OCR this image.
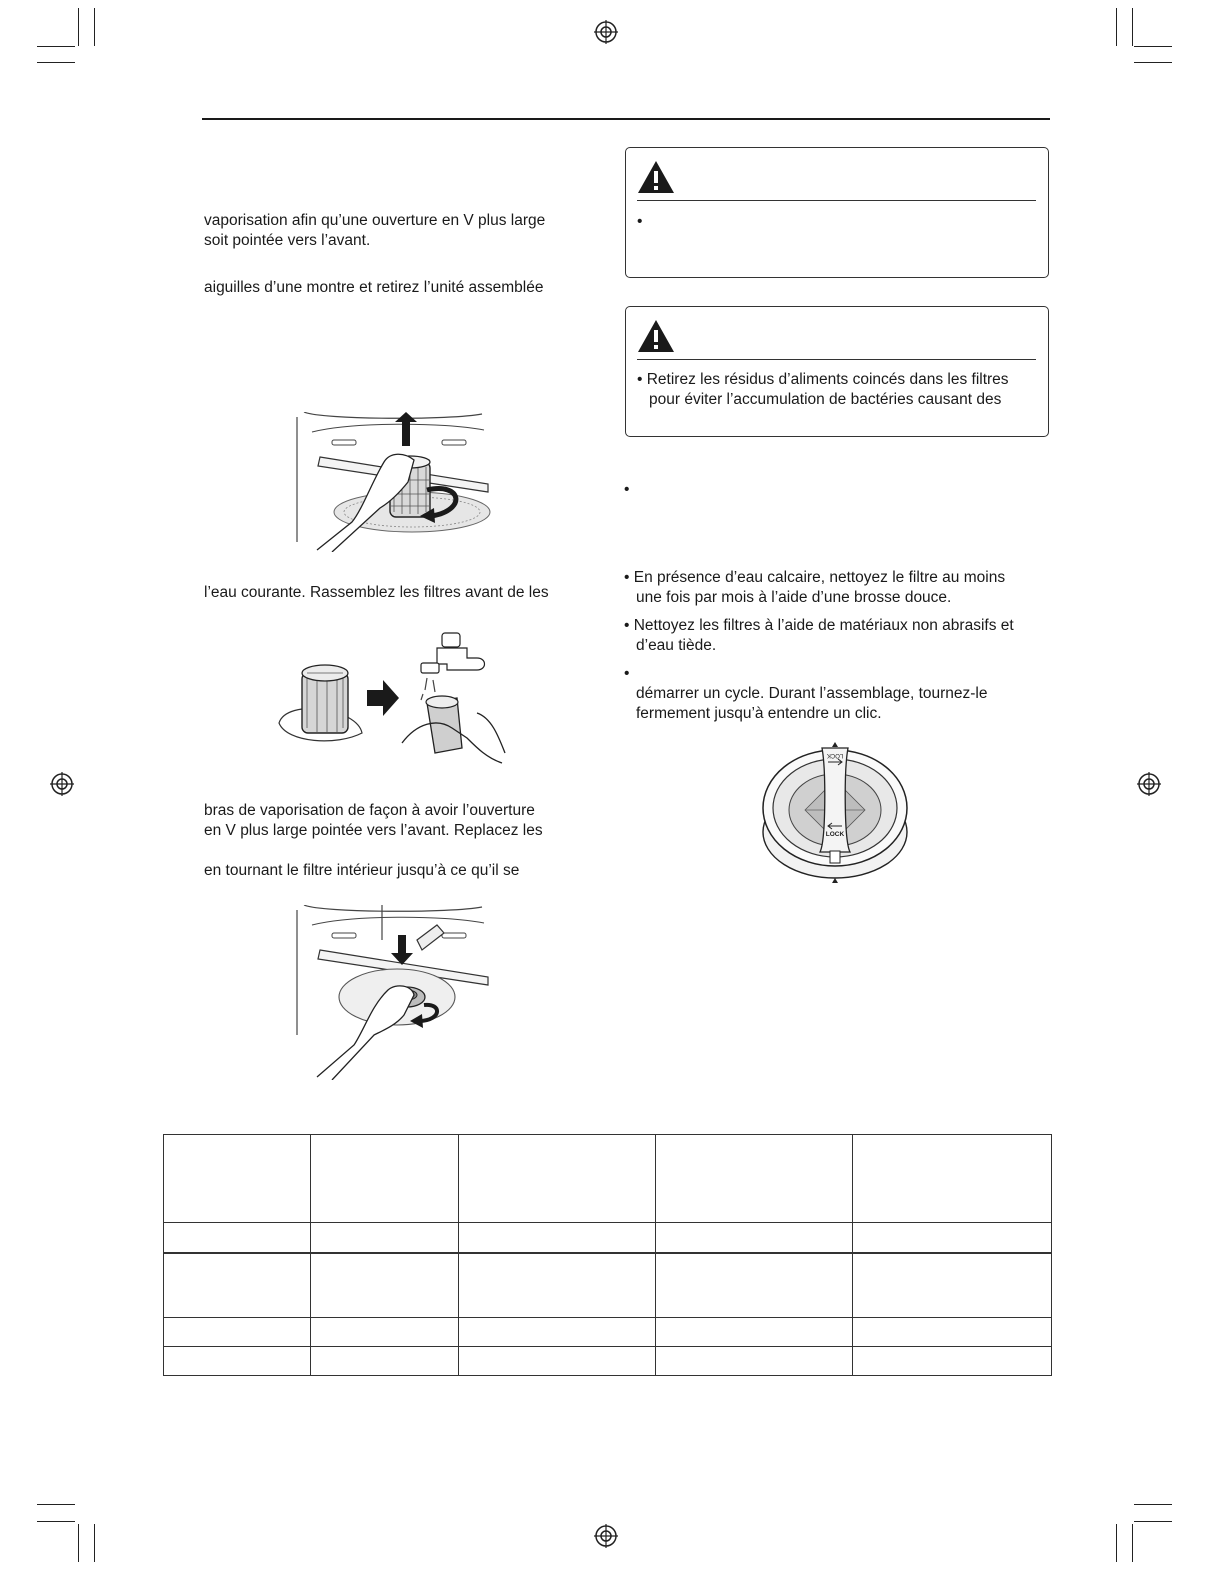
vaporisation afin qu’une ouverture en V plus large
soit pointée vers l’avant.
aiguilles d’une montre et retirez l’unité assemblée
l’eau courante. Rassemblez les filtres avant de les
bras de vaporisation de façon à avoir l’ouverture
en V plus large pointée vers l’avant. Replacez les
en tournant le filtre intérieur jusqu’à ce qu’il se
•
• Retirez les résidus d’aliments coincés dans les filtres
pour éviter l’accumulation de bactéries causant des
•
• En présence d’eau calcaire, nettoyez le filtre au moins
une fois par mois à l’aide d’une brosse douce.
• Nettoyez les filtres à l’aide de matériaux non abrasifs et
d’eau tiède.
•
démarrer un cycle. Durant l’assemblage, tournez-le
fermement jusqu’à entendre un clic.
LOCK
LOCK
